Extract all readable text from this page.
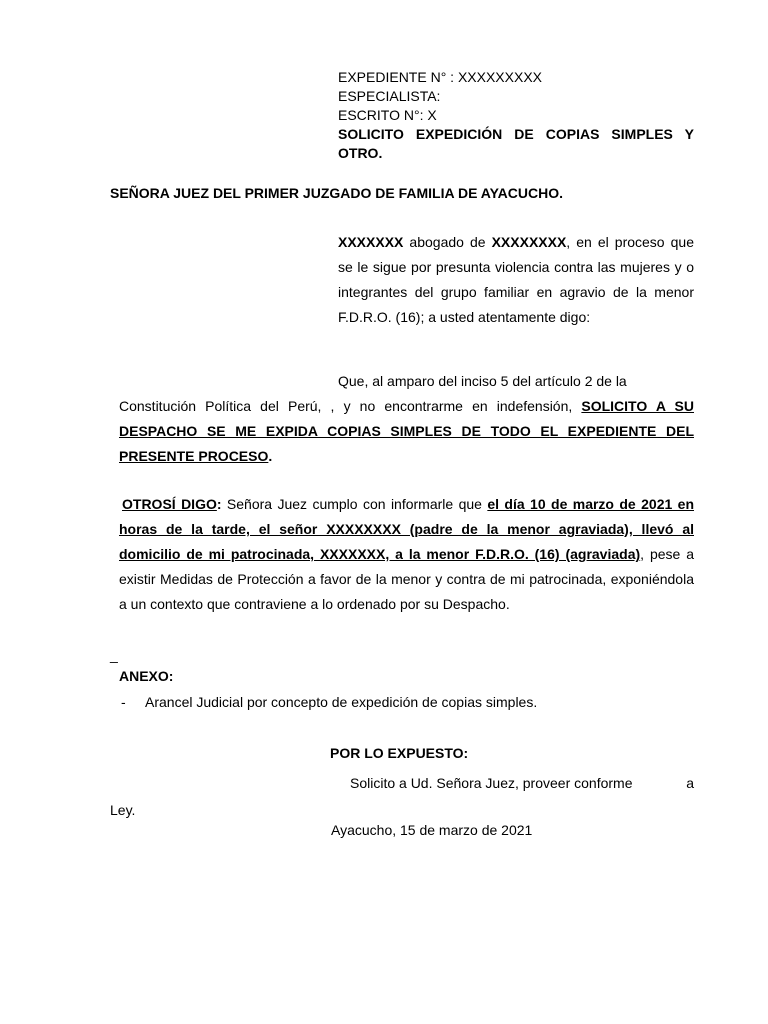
EXPEDIENTE N° : XXXXXXXXX
ESPECIALISTA:
ESCRITO N°: X
SOLICITO EXPEDICIÓN DE COPIAS SIMPLES Y OTRO.
SEÑORA JUEZ DEL PRIMER JUZGADO DE FAMILIA DE AYACUCHO.
XXXXXXX abogado de XXXXXXXX, en el proceso que se le sigue por presunta violencia contra las mujeres y o integrantes del grupo familiar en agravio de la menor F.D.R.O. (16); a usted atentamente digo:
Que, al amparo del inciso 5 del artículo 2 de la
Constitución Política del Perú, , y no encontrarme en indefensión, SOLICITO A SU DESPACHO SE ME EXPIDA COPIAS SIMPLES DE TODO EL EXPEDIENTE DEL PRESENTE PROCESO.
OTROSÍ DIGO: Señora Juez cumplo con informarle que el día 10 de marzo de 2021 en horas de la tarde, el señor XXXXXXXX (padre de la menor agraviada), llevó al domicilio de mi patrocinada, XXXXXXX, a la menor F.D.R.O. (16) (agraviada), pese a existir Medidas de Protección a favor de la menor y contra de mi patrocinada, exponiéndola a un contexto que contraviene a lo ordenado por su Despacho.
_
ANEXO:
- Arancel Judicial por concepto de expedición de copias simples.
POR LO EXPUESTO:
Solicito a Ud. Señora Juez, proveer conforme	a
Ley.
Ayacucho, 15 de marzo de 2021
